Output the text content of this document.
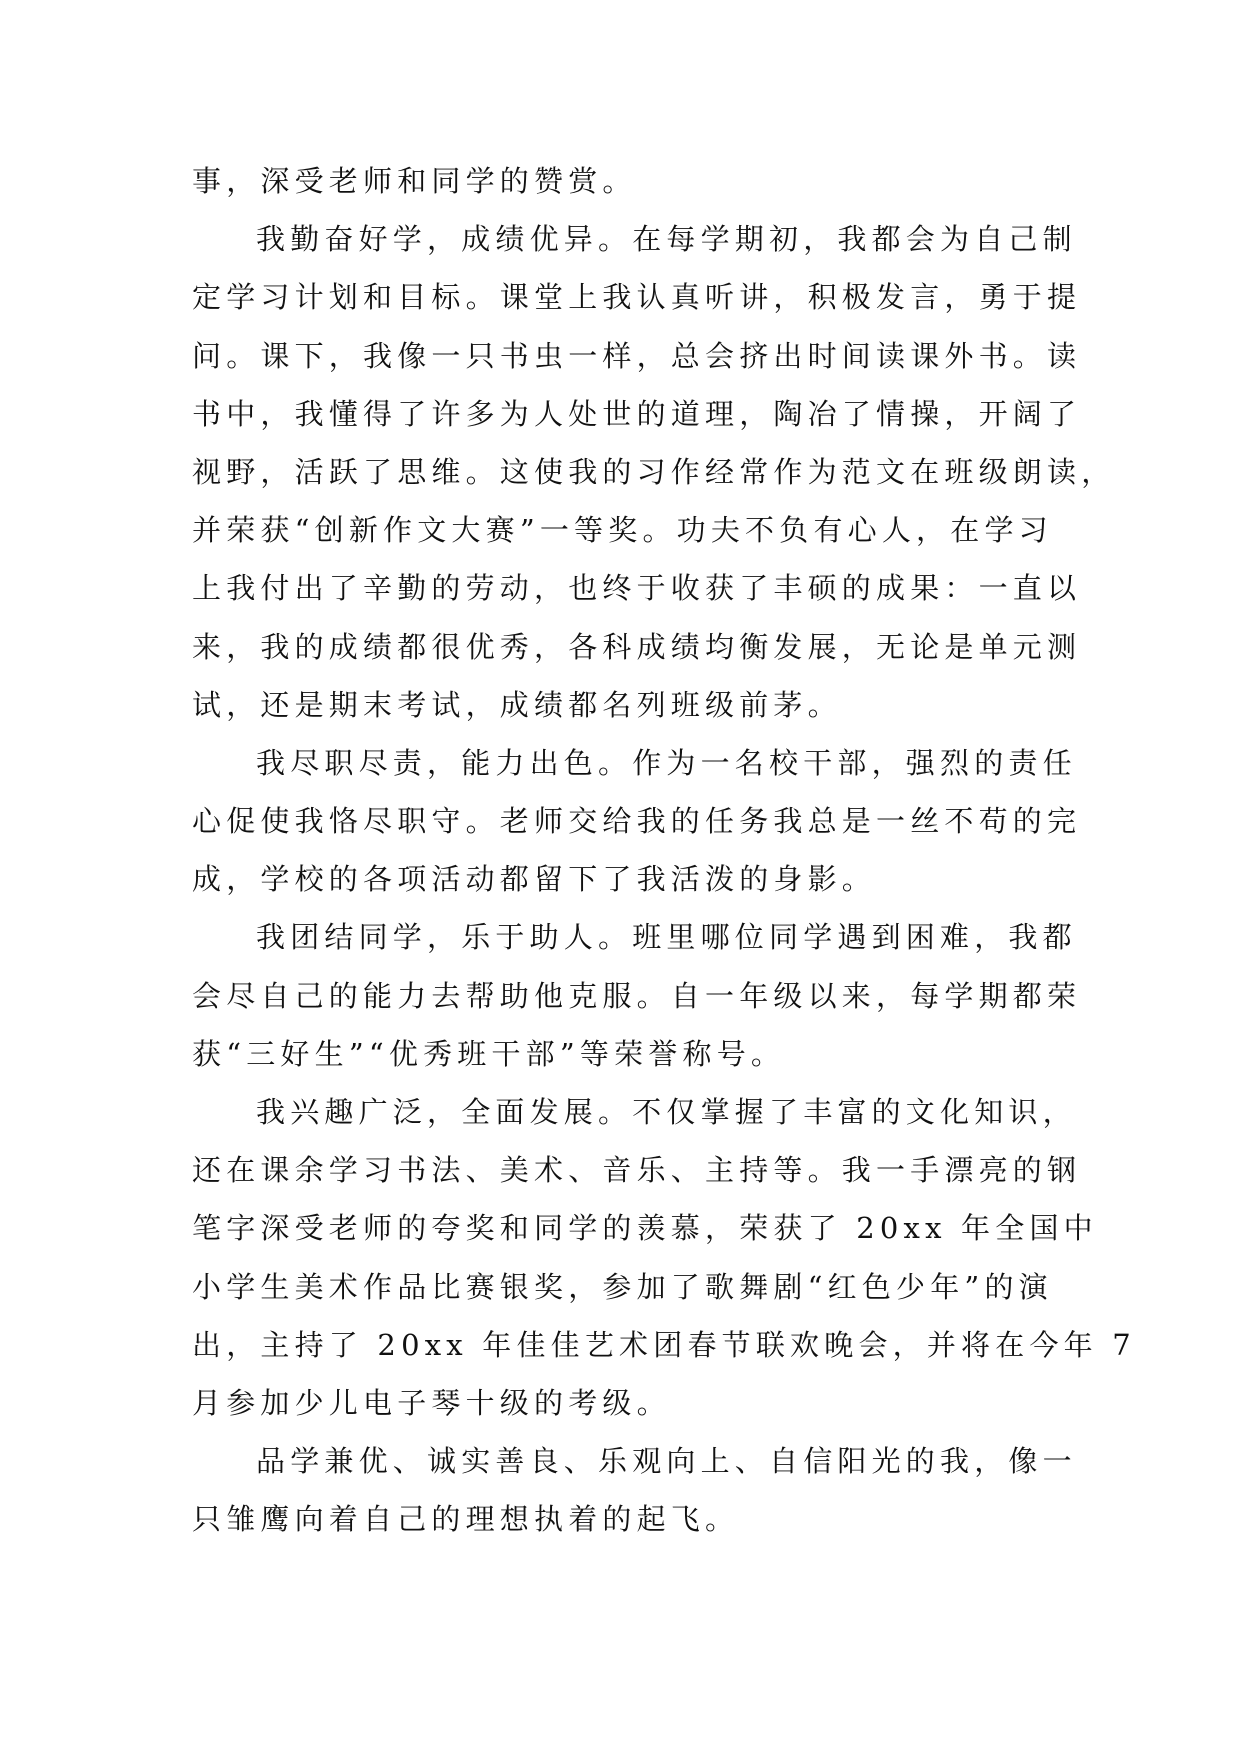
事，深受老师和同学的赞赏。
我勤奋好学，成绩优异。在每学期初，我都会为自己制
定学习计划和目标。课堂上我认真听讲，积极发言，勇于提
问。课下，我像一只书虫一样，总会挤出时间读课外书。读
书中，我懂得了许多为人处世的道理，陶冶了情操，开阔了
视野，活跃了思维。这使我的习作经常作为范文在班级朗读，
并荣获“创新作文大赛”一等奖。功夫不负有心人，在学习
上我付出了辛勤的劳动，也终于收获了丰硕的成果：一直以
来，我的成绩都很优秀，各科成绩均衡发展，无论是单元测
试，还是期末考试，成绩都名列班级前茅。
我尽职尽责，能力出色。作为一名校干部，强烈的责任
心促使我恪尽职守。老师交给我的任务我总是一丝不苟的完
成，学校的各项活动都留下了我活泼的身影。
我团结同学，乐于助人。班里哪位同学遇到困难，我都
会尽自己的能力去帮助他克服。自一年级以来，每学期都荣
获“三好生”“优秀班干部”等荣誉称号。
我兴趣广泛，全面发展。不仅掌握了丰富的文化知识，
还在课余学习书法、美术、音乐、主持等。我一手漂亮的钢
笔字深受老师的夸奖和同学的羡慕，荣获了 20xx 年全国中
小学生美术作品比赛银奖，参加了歌舞剧“红色少年”的演
出，主持了 20xx 年佳佳艺术团春节联欢晚会，并将在今年 7
月参加少儿电子琴十级的考级。
品学兼优、诚实善良、乐观向上、自信阳光的我，像一
只雏鹰向着自己的理想执着的起飞。
